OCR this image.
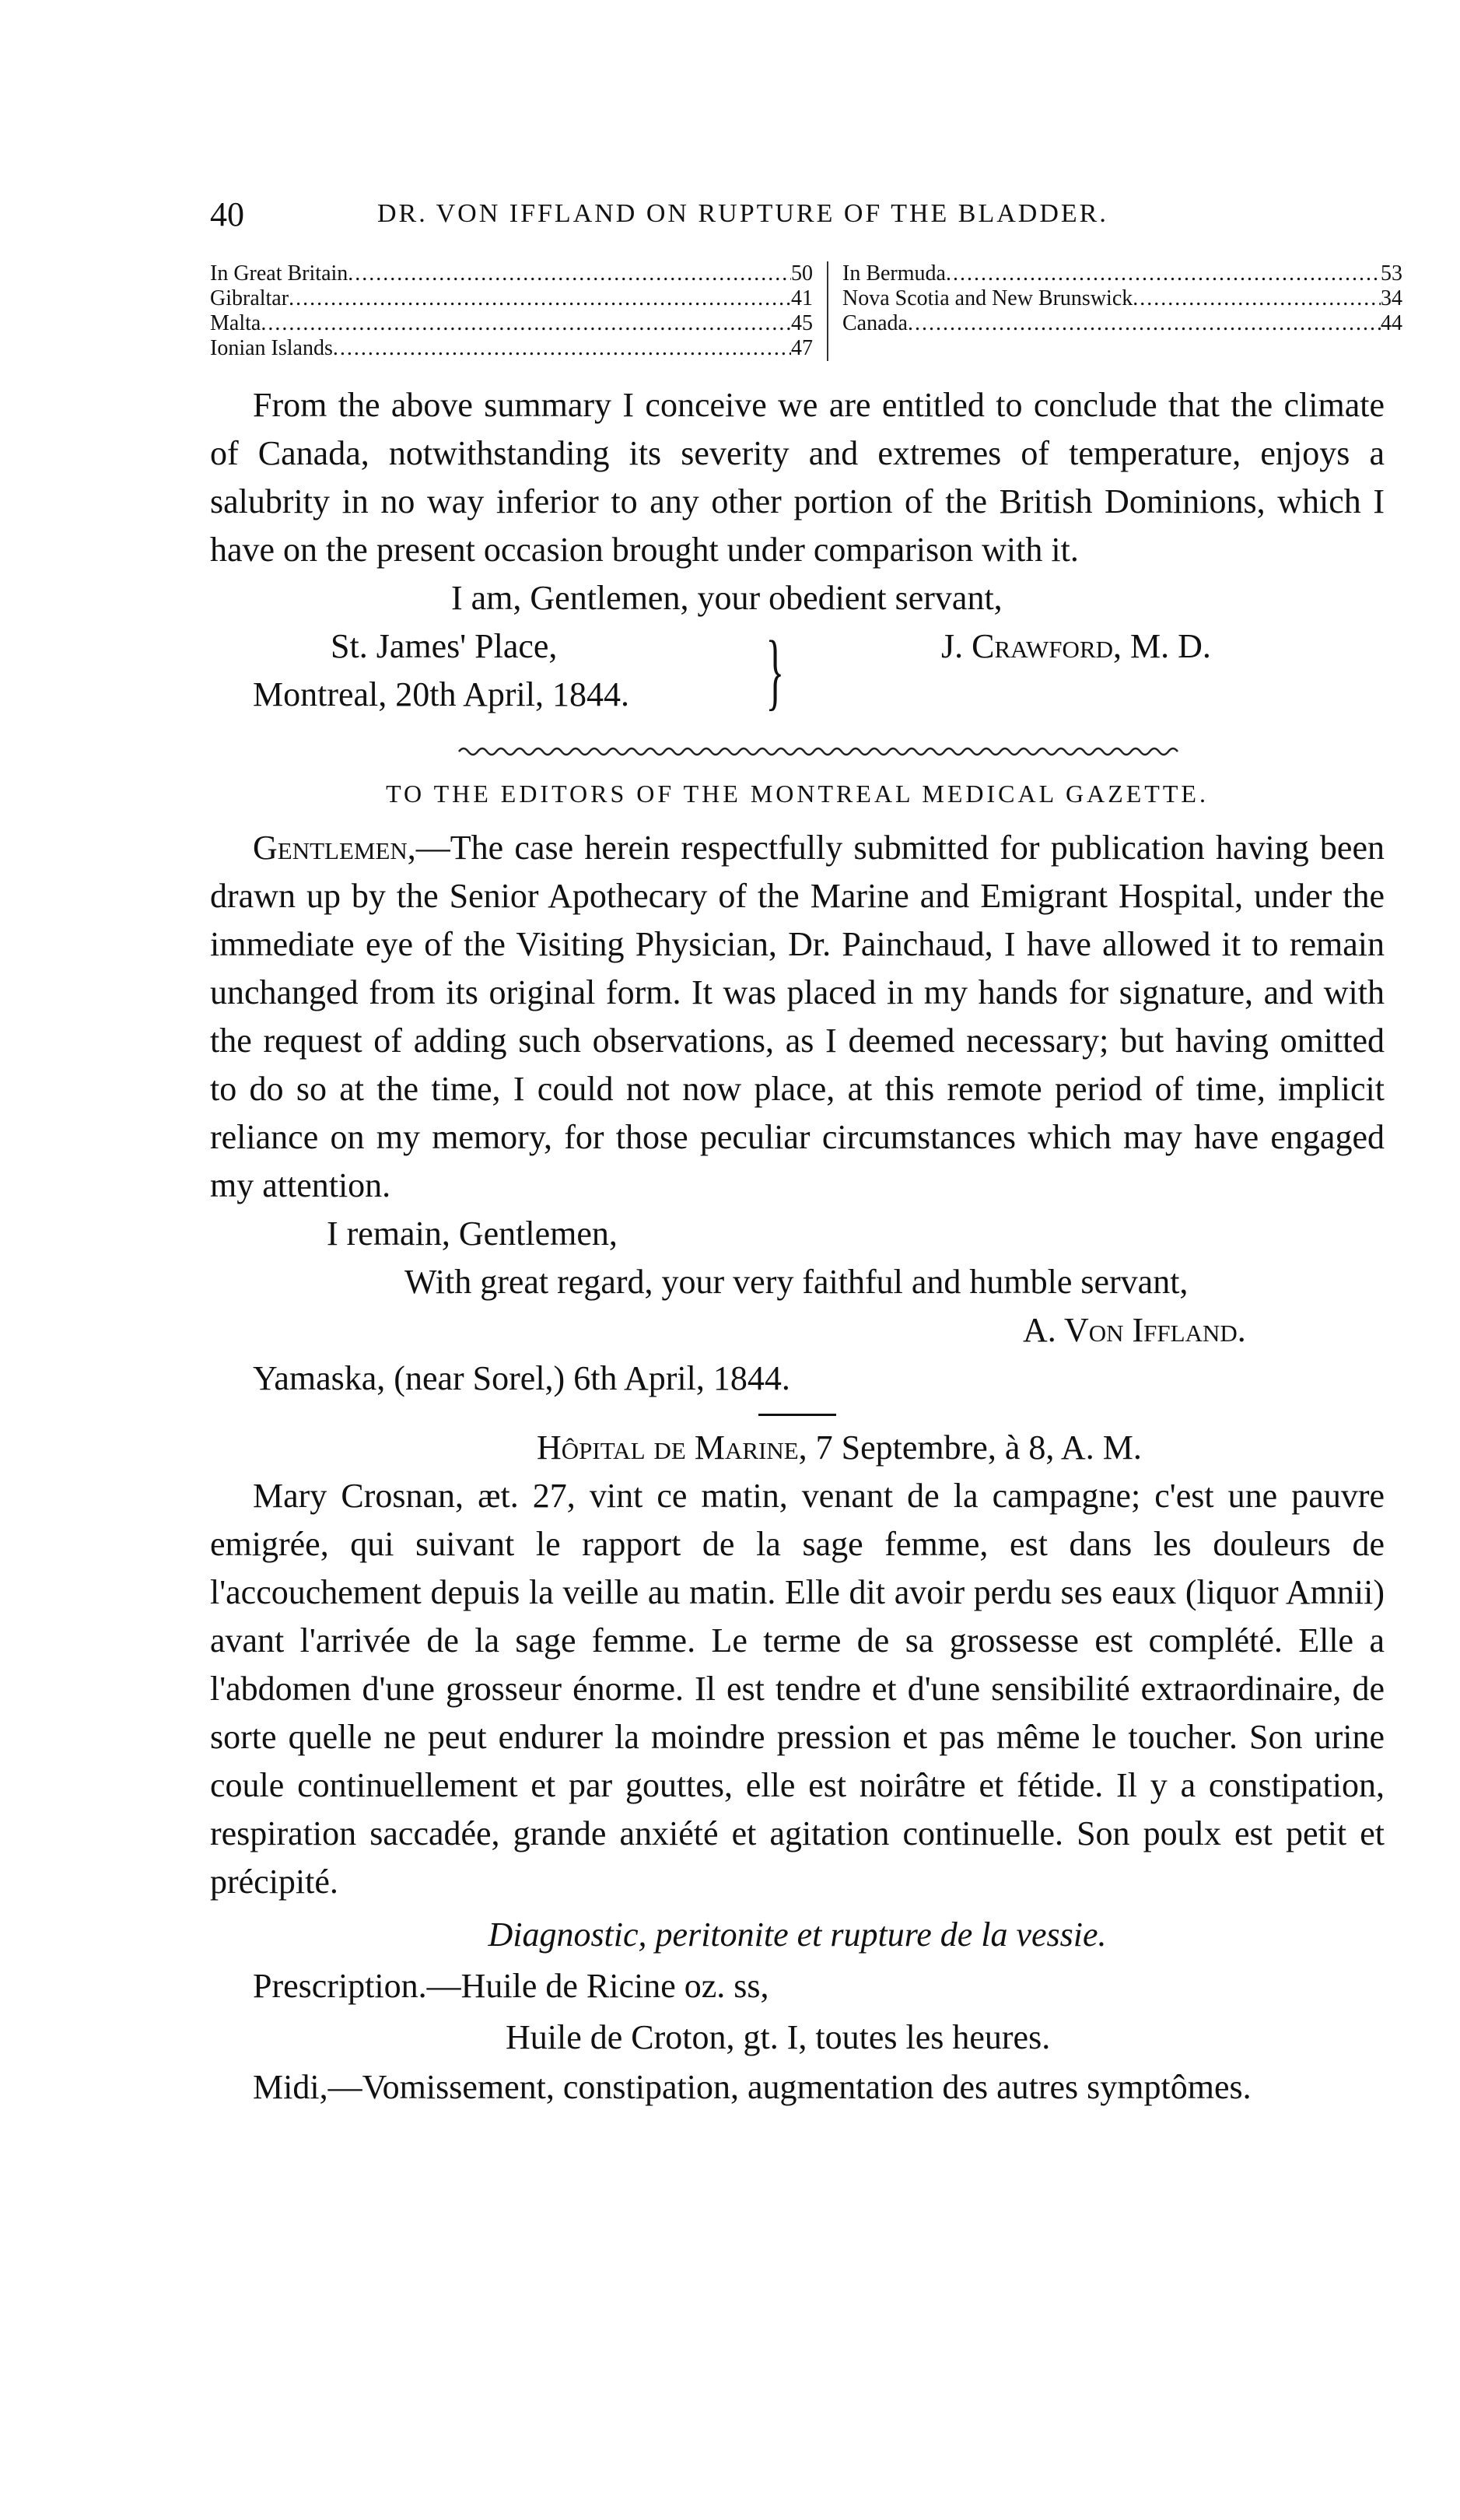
40	DR. VON IFFLAND ON RUPTURE OF THE BLADDER.
In Great Britain .....	50
Gibraltar .....	41
Malta .....	45
Ionian Islands .....	47
In Bermuda .....	53
Nova Scotia and New Brunswick .....	34
Canada .....	44

From the above summary I conceive we are entitled to conclude that the climate of Canada, notwithstanding its severity and extremes of temperature, enjoys a salubrity in no way inferior to any other portion of the British Dominions, which I have on the present occasion brought under comparison with it.

I am, Gentlemen, your obedient servant,
St. James' Place,
Montreal, 20th April, 1844. }	J. Crawford, M. D.
TO THE EDITORS OF THE MONTREAL MEDICAL GAZETTE.

Gentlemen,—The case herein respectfully submitted for publication having been drawn up by the Senior Apothecary of the Marine and Emigrant Hospital, under the immediate eye of the Visiting Physician, Dr. Painchaud, I have allowed it to remain unchanged from its original form. It was placed in my hands for signature, and with the request of adding such observations, as I deemed necessary; but having omitted to do so at the time, I could not now place, at this remote period of time, implicit reliance on my memory, for those peculiar circumstances which may have engaged my attention.

I remain, Gentlemen,
With great regard, your very faithful and humble servant,
A. Von Iffland.
Yamaska, (near Sorel,) 6th April, 1844.
Hôpital de Marine, 7 Septembre, à 8, A. M.

Mary Crosnan, æt. 27, vint ce matin, venant de la campagne; c'est une pauvre emigrée, qui suivant le rapport de la sage femme, est dans les douleurs de l'accouchement depuis la veille au matin. Elle dit avoir perdu ses eaux (liquor Amnii) avant l'arrivée de la sage femme. Le terme de sa grossesse est complété. Elle a l'abdomen d'une grosseur énorme. Il est tendre et d'une sensibilité extraordinaire, de sorte quelle ne peut endurer la moindre pression et pas même le toucher. Son urine coule continuellement et par gouttes, elle est noirâtre et fétide. Il y a constipation, respiration saccadée, grande anxiété et agitation continuelle. Son poulx est petit et précipité.

Diagnostic, peritonite et rupture de la vessie.
Prescription.—Huile de Ricine oz. ss,
Huile de Croton, gt. I, toutes les heures.

Midi,—Vomissement, constipation, augmentation des autres symptômes.
